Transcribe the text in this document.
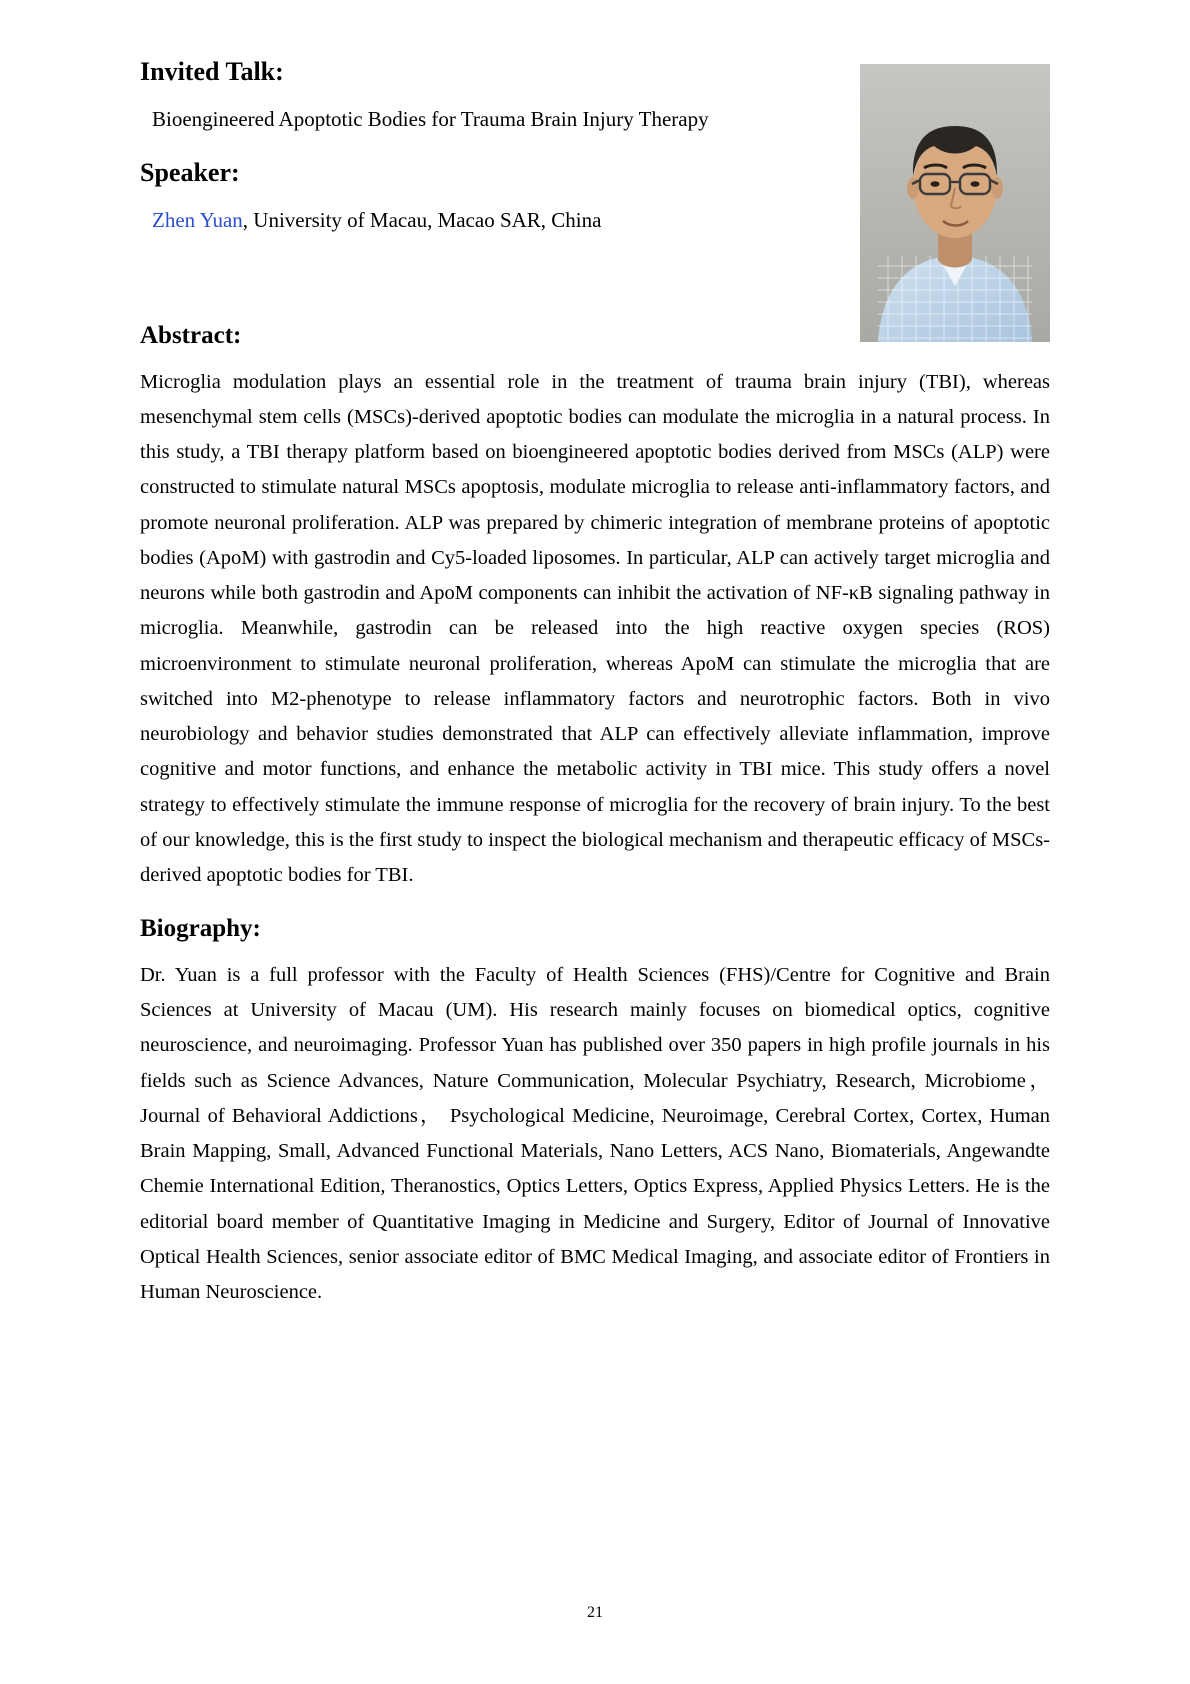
Invited Talk:

Bioengineered Apoptotic Bodies for Trauma Brain Injury Therapy

Speaker:

Zhen Yuan, University of Macau, Macao SAR, China

Abstract:

Microglia modulation plays an essential role in the treatment of trauma brain injury (TBI), whereas mesenchymal stem cells (MSCs)-derived apoptotic bodies can modulate the microglia in a natural process. In this study, a TBI therapy platform based on bioengineered apoptotic bodies derived from MSCs (ALP) were constructed to stimulate natural MSCs apoptosis, modulate microglia to release anti-inflammatory factors, and promote neuronal proliferation. ALP was prepared by chimeric integration of membrane proteins of apoptotic bodies (ApoM) with gastrodin and Cy5-loaded liposomes. In particular, ALP can actively target microglia and neurons while both gastrodin and ApoM components can inhibit the activation of NF-κB signaling pathway in microglia. Meanwhile, gastrodin can be released into the high reactive oxygen species (ROS) microenvironment to stimulate neuronal proliferation, whereas ApoM can stimulate the microglia that are switched into M2-phenotype to release inflammatory factors and neurotrophic factors. Both in vivo neurobiology and behavior studies demonstrated that ALP can effectively alleviate inflammation, improve cognitive and motor functions, and enhance the metabolic activity in TBI mice. This study offers a novel strategy to effectively stimulate the immune response of microglia for the recovery of brain injury. To the best of our knowledge, this is the first study to inspect the biological mechanism and therapeutic efficacy of MSCs-derived apoptotic bodies for TBI.

Biography:

Dr. Yuan is a full professor with the Faculty of Health Sciences (FHS)/Centre for Cognitive and Brain Sciences at University of Macau (UM). His research mainly focuses on biomedical optics, cognitive neuroscience, and neuroimaging. Professor Yuan has published over 350 papers in high profile journals in his fields such as Science Advances, Nature Communication, Molecular Psychiatry, Research, Microbiome， Journal of Behavioral Addictions， Psychological Medicine, Neuroimage, Cerebral Cortex, Cortex, Human Brain Mapping, Small, Advanced Functional Materials, Nano Letters, ACS Nano, Biomaterials, Angewandte Chemie International Edition, Theranostics, Optics Letters, Optics Express, Applied Physics Letters. He is the editorial board member of Quantitative Imaging in Medicine and Surgery, Editor of Journal of Innovative Optical Health Sciences, senior associate editor of BMC Medical Imaging, and associate editor of Frontiers in Human Neuroscience.

21
